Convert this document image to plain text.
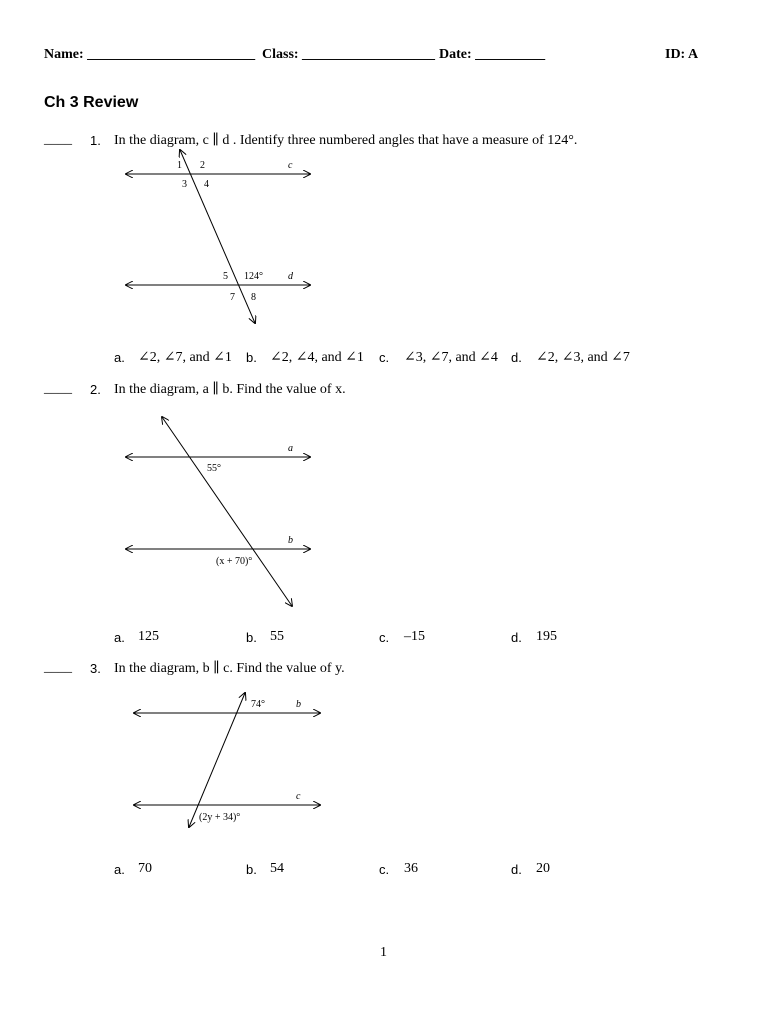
Name: ________________________ Class: ___________________ Date: __________	ID: A
Ch 3 Review
____ 1. In the diagram, c ∥ d . Identify three numbered angles that have a measure of 124°.
c
d
1 2
3 4
5 124°
7 8
a. ∠2, ∠7, and ∠1 b. ∠2, ∠4, and ∠1 c. ∠3, ∠7, and ∠4 d. ∠2, ∠3, and ∠7
____ 2. In the diagram, a ∥ b. Find the value of x.
a
b
55°
(x + 70)°
a. 125	b. 55	c. –15	d. 195
____ 3. In the diagram, b ∥ c. Find the value of y.
b
c
74°
(2y + 34)°
a. 70	b. 54	c. 36	d. 20
1
